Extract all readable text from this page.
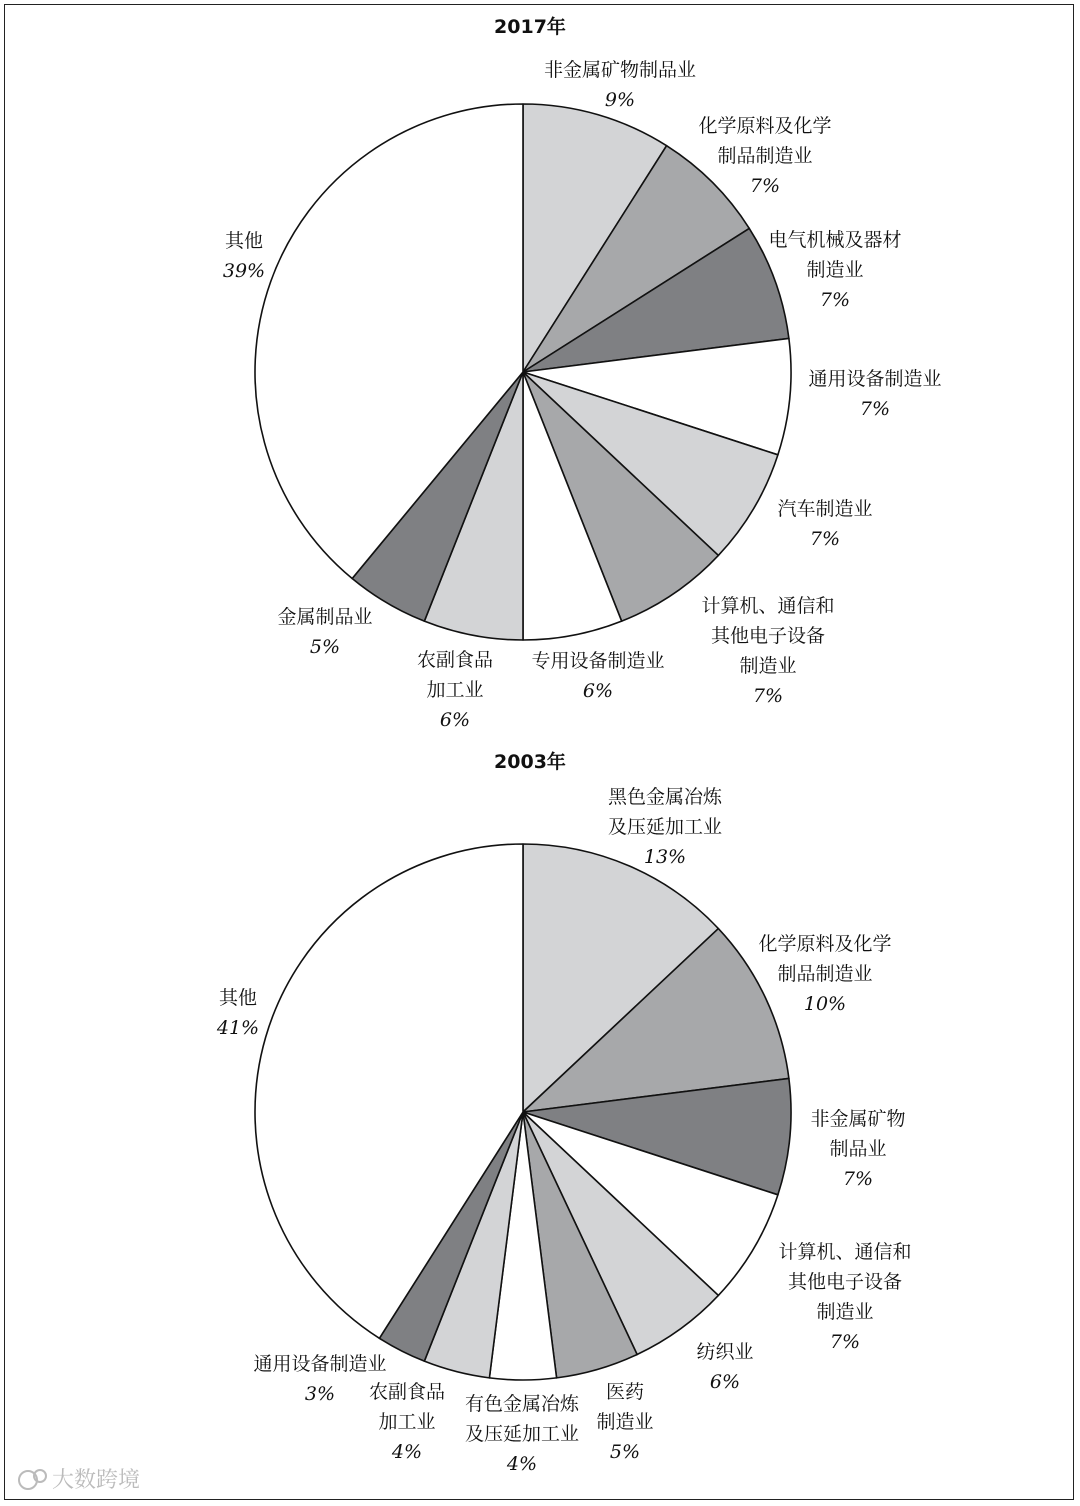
2017年
非金属矿物制品业
9%
化学原料及化学
制品制造业
7%
电气机械及器材
制造业
7%
通用设备制造业
7%
汽车制造业
7%
计算机、通信和
其他电子设备
制造业
7%
专用设备制造业
6%
农副食品
加工业
6%
金属制品业
5%
其他
39%
2003年
黑色金属冶炼
及压延加工业
13%
化学原料及化学
制品制造业
10%
非金属矿物
制品业
7%
计算机、通信和
其他电子设备
制造业
7%
纺织业
6%
医药
制造业
5%
有色金属冶炼
及压延加工业
4%
农副食品
加工业
4%
通用设备制造业
3%
其他
41%
大数跨境
